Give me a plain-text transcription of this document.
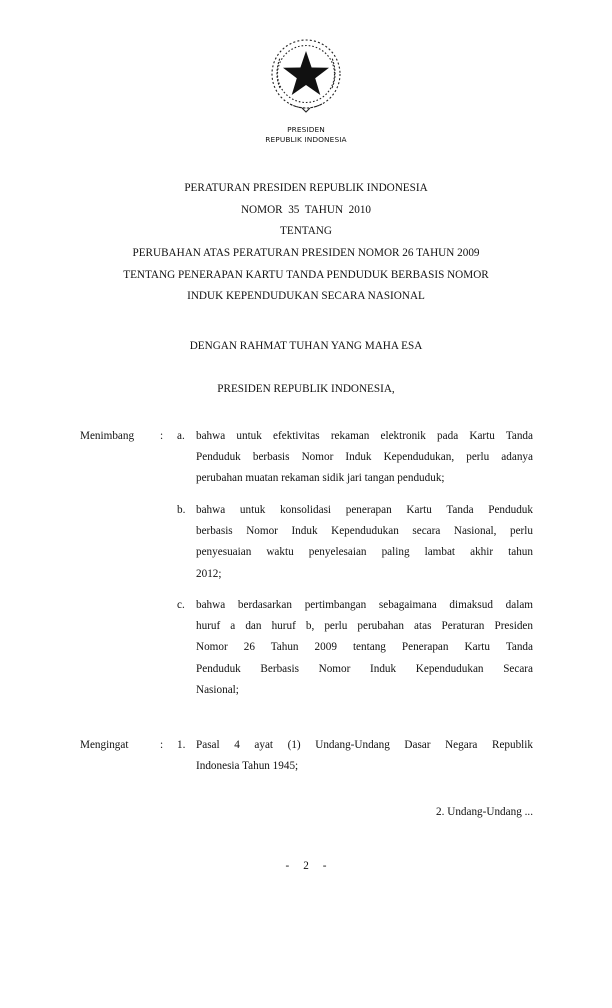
PRESIDEN
REPUBLIK INDONESIA
PERATURAN PRESIDEN REPUBLIK INDONESIA
NOMOR  35  TAHUN  2010
TENTANG
PERUBAHAN ATAS PERATURAN PRESIDEN NOMOR 26 TAHUN 2009
TENTANG PENERAPAN KARTU TANDA PENDUDUK BERBASIS NOMOR
INDUK KEPENDUDUKAN SECARA NASIONAL
DENGAN RAHMAT TUHAN YANG MAHA ESA
PRESIDEN REPUBLIK INDONESIA,
Menimbang : a. bahwa untuk efektivitas rekaman elektronik pada Kartu Tanda
Penduduk berbasis Nomor Induk Kependudukan, perlu adanya
perubahan muatan rekaman sidik jari tangan penduduk;
b. bahwa untuk konsolidasi penerapan Kartu Tanda Penduduk
berbasis Nomor Induk Kependudukan secara Nasional, perlu
penyesuaian waktu penyelesaian paling lambat akhir tahun
2012;
c. bahwa berdasarkan pertimbangan sebagaimana dimaksud dalam
huruf a dan huruf b, perlu perubahan atas Peraturan Presiden
Nomor 26 Tahun 2009 tentang Penerapan Kartu Tanda
Penduduk Berbasis Nomor Induk Kependudukan Secara
Nasional;
Mengingat	: 1. Pasal 4 ayat (1) Undang-Undang Dasar Negara Republik
Indonesia Tahun 1945;
2. Undang-Undang ...
-     2     -
